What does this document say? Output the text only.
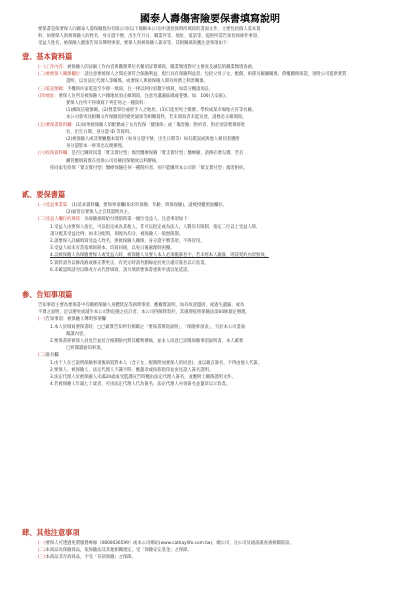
國泰人壽傷害險要保書填寫說明
要保書是保要保人向國泰人壽保險股份有限公司(以下簡稱本公司)申請投保時所填寫的書面文件，主要包括個人基本資
料、如要保人與被保險人的姓名、身分證字號、出生年月日、職業件等，地址、電話等，提供所需告知投保條件事項、
受益人姓名、被保險人健康告知及聲明事項，要保人與被保險人簽章等，其相關填寫應注意事項如下：
壹、基本資料篇
(一)工作內容：被保險人的詳細工作內容與職務單位名稱須詳實填寫，職業類別對可主要查及誠信的職業類別查詢。
(二)要被保人關係欄位：請注意要被保人之間必須符合保險利益，現行具有保險利益者，包括父母子女，配偶、祖孫及僱傭關係、債權關係保證，須附公司提供實質
證明，以及法定代理人等關係，或要保人與被保險人間有經濟上利害關係。
(三)電話號碼：手機與住家電話至少擇一填寫，且一律以阿拉伯數字填寫，如需分機請加註。
(四)地址：要保人住所及被保險人戶籍地址須正確填寫，注意勿遺漏區碼或巷號。如：106(大安區)。
要保人住所不得填寫下列任何之一種資料：
(1)郵政信箱號碼。(2)營業單位或經手人之地址。(3)只能用男士徵審。學校或某市場地方宮等名稱。
本公司會寄送相關文件保險契約變更通知等相關資料，若未填寫者未能送達，請務必正確填寫。
(五)要保書資料欄：(1)如果被保險人的配偶或子女有投保「健康保」或「傷害險」附約者，對必須詳實填寫姓
名、出生日期，身分證 ID 等資料。
(2)被保險人或其要屬應本資料（如身分證字號，出生日期等）如有錯誤或與他人相同者應附
身分證影本一併寄出以便辦理。
(六)投保資料欄：是否已購買同業「實支實付型」傷害醫療保險「實支實付型」醫療險，請務必要勾選，若有
購買應填寫實在投保公司名稱投保額度以利審核。
你同家有投保「實支實付型」醫療保險任何一種附約者，則不能購買本公司的「實支實付型」傷害附約。
貳、要保書篇
(一)受益事業篇：(1)基本資料欄，要保事項欄(如未約保額、年齡、與保保險)，請被授權照面欄位。
(2)通常以要保人之自我證明為主。
(二)受益人欄位約填寫：為保險保障給付理賠時第一順位受益人，注意事項如下：
1.受益人由要保人指定，可以指定或為其他人，非可以指定或為法人。人數沒有限制，指定二位以上受益人時，
請分配其受益比例；如未分配時，則視為均分，被保險人一般無限制。
2.請要保人詳細填寫受益人姓名，與被保險人關係，身分證字號等項，不得冒用。
3.受益人如未有當指填寫冊本，均寫同冊，以免日後處理時困擾。
4.以被保險人為保險要保人或受益人時，被保險人及要人本人必須親簽名字，若未經本人親簽，則該契約內容無效。
5.資料請勿以修改液或修正帶更正，有更正時請勿劃線並於更正處旁簽名以示負責。
6.未確認時請勿以修改方式代替填寫，請另填新要保書重新申請以免延誤。
參、告知事項篇
告知事項主要為要保書中有關被保險人身體狀況等詢問事項，應據實說明，如有故意隱匿，或過失遺漏，或為
不實之說明，足以變更或減少本公司對危險之估計者，本公司得解除契約，其處理依照保險法第64條規定辦理。
(一)告知事項：被保險人聲明事項欄
1.本人於填寫要保書時，□已確實告知所有相關之「要保書填寫說明」、「保險事項表」，另於本公司書面
閱讀內容。
2.要保書經被保人員見告並於合格期限內對其權利審核，並本人同意已詳閱保險事項說明書，本人確實
已經閱讀通知事項。
(二)簽名欄
1.由于人在已說明保險事項後填寫對本人（含子女、配偶附加要保人的同意)，並以親自簽名，不得由他人代簽。
2.要保人、被保險人、法定代理人不識字時，應蓋章或按捺指印並由見證人簽名證明。
3.法定代理人於被保險人未滿20歲或受監護宣告時應由法定代理人簽名，並應附上關係證明文件。
4.若被保險人年滿七十歲者，可由法定代理人代為簽名，法定代理人亦須簽名並蓋章以示負責。
肆、其他注意事項
(一)要保人可透過免費服務專線（0800036599）或本公司網站(www.cathaylife.com.tw)，總公司、分公司及通訊處查詢相關資訊。
(二)本商品為保險商品，依保險法及其他相關規定，受「保險安定基金」之保障。
(三)本商品非存款商品，不受「存款保險」之保障。
